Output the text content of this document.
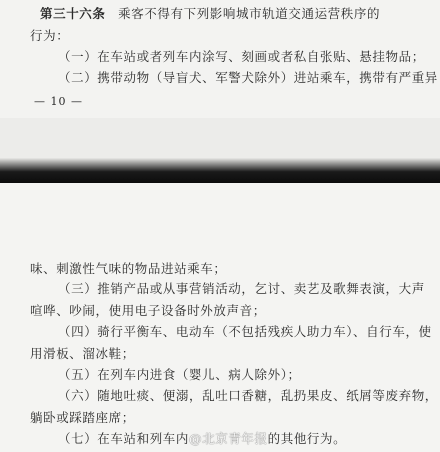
第三十六条 乘客不得有下列影响城市轨道交通运营秩序的
行为：
（一）在车站或者列车内涂写、刻画或者私自张贴、悬挂物品；
（二）携带动物（导盲犬、军警犬除外）进站乘车，携带有严重异
— 10 —
味、刺激性气味的物品进站乘车；
（三）推销产品或从事营销活动，乞讨、卖艺及歌舞表演，大声
喧哗、吵闹，使用电子设备时外放声音；
（四）骑行平衡车、电动车（不包括残疾人助力车）、自行车，使
用滑板、溜冰鞋；
（五）在列车内进食（婴儿、病人除外）；
（六）随地吐痰、便溺，乱吐口香糖，乱扔果皮、纸屑等废弃物，
躺卧或踩踏座席；
（七）在车站和列车内@北京青年报的其他行为。
